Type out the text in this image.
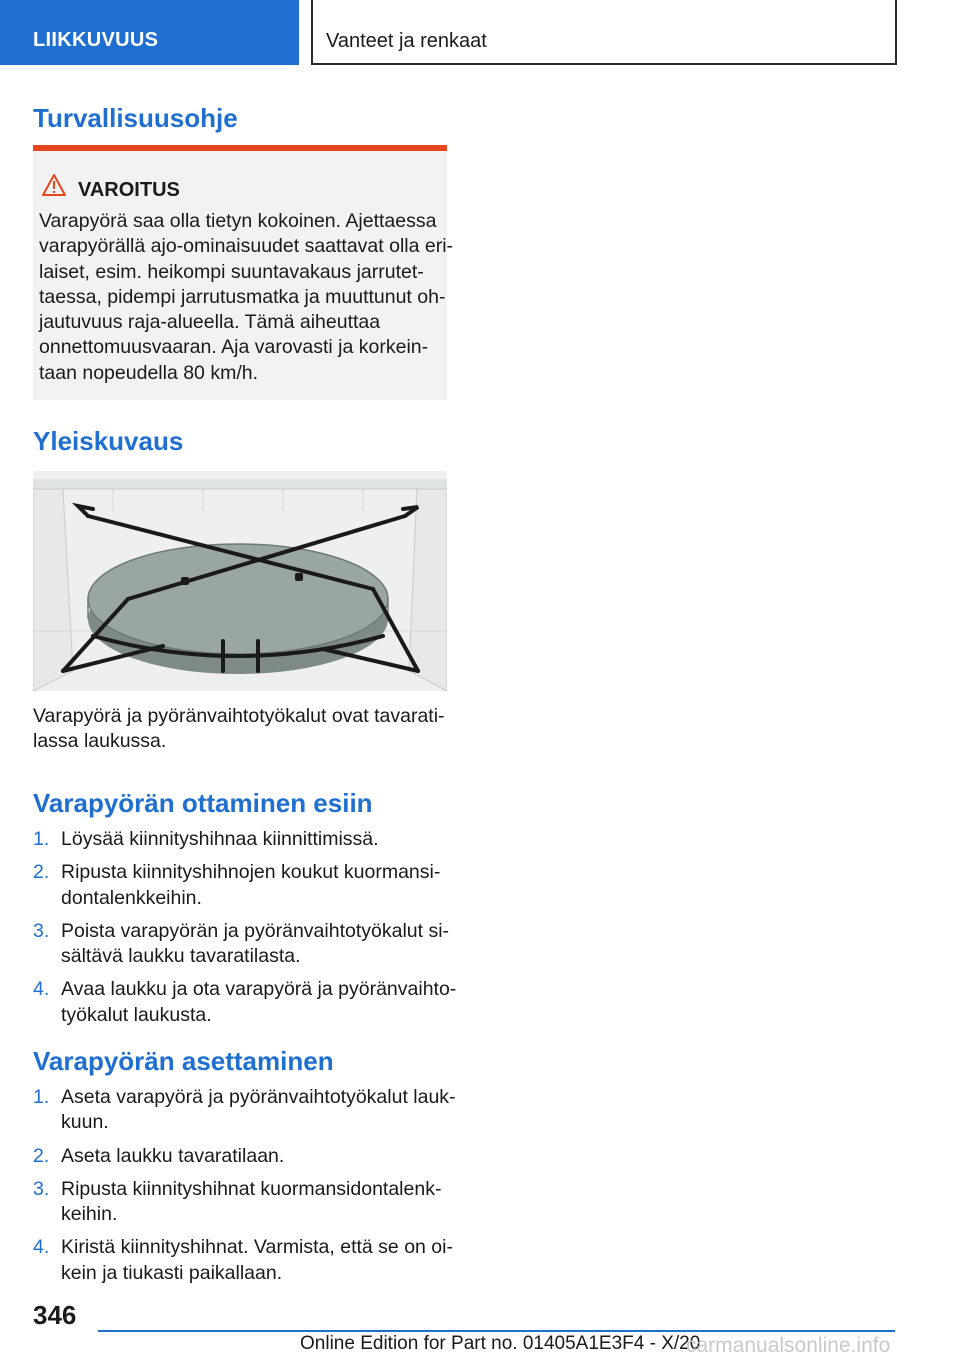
LIIKKUVUUS	Vanteet ja renkaat
Turvallisuusohje
VAROITUS
Varapyörä saa olla tietyn kokoinen. Ajettaessa
varapyörällä ajo-ominaisuudet saattavat olla eri-
laiset, esim. heikompi suuntavakaus jarrutet-
taessa, pidempi jarrutusmatka ja muuttunut oh-
jautuvuus raja-alueella. Tämä aiheuttaa
onnettomuusvaaran. Aja varovasti ja korkein-
taan nopeudella 80 km/h.
Yleiskuvaus
Varapyörä ja pyöränvaihtotyökalut ovat tavarati-
lassa laukussa.
Varapyörän ottaminen esiin
1. Löysää kiinnityshihnaa kiinnittimissä.
2. Ripusta kiinnityshihnojen koukut kuormansi-
dontalenkkeihin.
3. Poista varapyörän ja pyöränvaihtotyökalut si-
sältävä laukku tavaratilasta.
4. Avaa laukku ja ota varapyörä ja pyöränvaihto-
työkalut laukusta.
Varapyörän asettaminen
1. Aseta varapyörä ja pyöränvaihtotyökalut lauk-
kuun.
2. Aseta laukku tavaratilaan.
3. Ripusta kiinnityshihnat kuormansidontalenk-
keihin.
4. Kiristä kiinnityshihnat. Varmista, että se on oi-
kein ja tiukasti paikallaan.
346
Online Edition for Part no. 01405A1E3F4 - X/20
carmanualsonline.info
